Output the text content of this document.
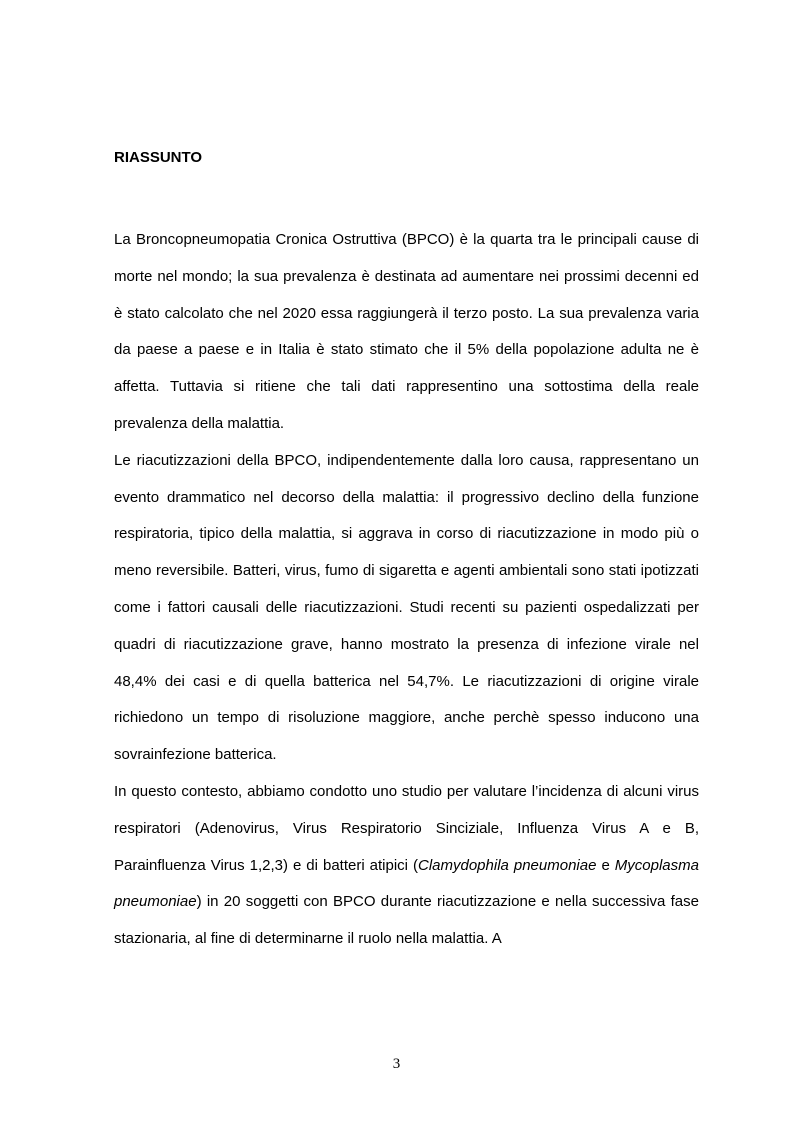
RIASSUNTO

La Broncopneumopatia Cronica Ostruttiva (BPCO) è la quarta tra le principali cause di morte nel mondo; la sua prevalenza è destinata ad aumentare nei prossimi decenni ed è stato calcolato che nel 2020 essa raggiungerà il terzo posto. La sua prevalenza varia da paese a paese e in Italia è stato stimato che il 5% della popolazione adulta ne è affetta. Tuttavia si ritiene che tali dati rappresentino una sottostima della reale prevalenza della malattia.

Le riacutizzazioni della BPCO, indipendentemente dalla loro causa, rappresentano un evento drammatico nel decorso della malattia: il progressivo declino della funzione respiratoria, tipico della malattia, si aggrava in corso di riacutizzazione in modo più o meno reversibile. Batteri, virus, fumo di sigaretta e agenti ambientali sono stati ipotizzati come i fattori causali delle riacutizzazioni. Studi recenti su pazienti ospedalizzati per quadri di riacutizzazione grave, hanno mostrato la presenza di infezione virale nel 48,4% dei casi e di quella batterica nel 54,7%. Le riacutizzazioni di origine virale richiedono un tempo di risoluzione maggiore, anche perchè spesso inducono una sovrainfezione batterica.

In questo contesto, abbiamo condotto uno studio per valutare l’incidenza di alcuni virus respiratori (Adenovirus, Virus Respiratorio Sinciziale, Influenza Virus A e B, Parainfluenza Virus 1,2,3) e di batteri atipici (Clamydophila pneumoniae e Mycoplasma pneumoniae) in 20 soggetti con BPCO durante riacutizzazione e nella successiva fase stazionaria, al fine di determinarne il ruolo nella malattia. A

3
